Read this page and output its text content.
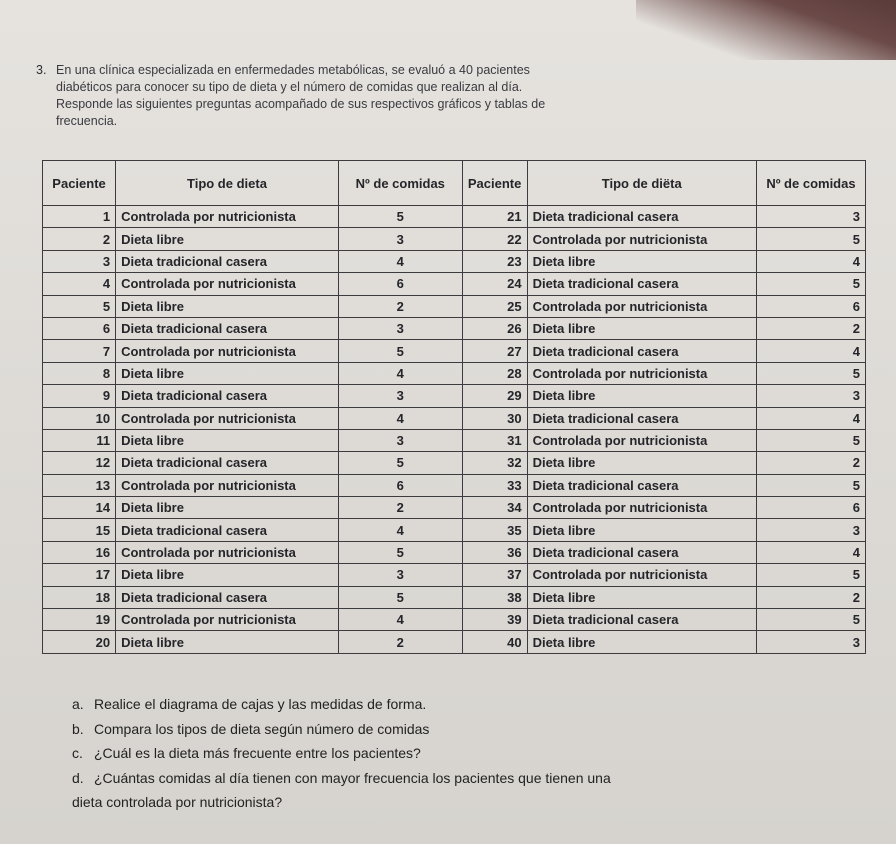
3. En una clínica especializada en enfermedades metabólicas, se evaluó a 40 pacientes
diabéticos para conocer su tipo de dieta y el número de comidas que realizan al día.
Responde las siguientes preguntas acompañado de sus respectivos gráficos y tablas de
frecuencia.
Paciente	Tipo de dieta	Nº de comidas	Paciente	Tipo de diëta	Nº de comidas
1	Controlada por nutricionista	5	21	Dieta tradicional casera	3
2	Dieta libre	3	22	Controlada por nutricionista	5
3	Dieta tradicional casera	4	23	Dieta libre	4
4	Controlada por nutricionista	6	24	Dieta tradicional casera	5
5	Dieta libre	2	25	Controlada por nutricionista	6
6	Dieta tradicional casera	3	26	Dieta libre	2
7	Controlada por nutricionista	5	27	Dieta tradicional casera	4
8	Dieta libre	4	28	Controlada por nutricionista	5
9	Dieta tradicional casera	3	29	Dieta libre	3
10	Controlada por nutricionista	4	30	Dieta tradicional casera	4
11	Dieta libre	3	31	Controlada por nutricionista	5
12	Dieta tradicional casera	5	32	Dieta libre	2
13	Controlada por nutricionista	6	33	Dieta tradicional casera	5
14	Dieta libre	2	34	Controlada por nutricionista	6
15	Dieta tradicional casera	4	35	Dieta libre	3
16	Controlada por nutricionista	5	36	Dieta tradicional casera	4
17	Dieta libre	3	37	Controlada por nutricionista	5
18	Dieta tradicional casera	5	38	Dieta libre	2
19	Controlada por nutricionista	4	39	Dieta tradicional casera	5
20	Dieta libre	2	40	Dieta libre	3
a. Realice el diagrama de cajas y las medidas de forma.
b. Compara los tipos de dieta según número de comidas
c. ¿Cuál es la dieta más frecuente entre los pacientes?
d. ¿Cuántas comidas al día tienen con mayor frecuencia los pacientes que tienen una
dieta controlada por nutricionista?
